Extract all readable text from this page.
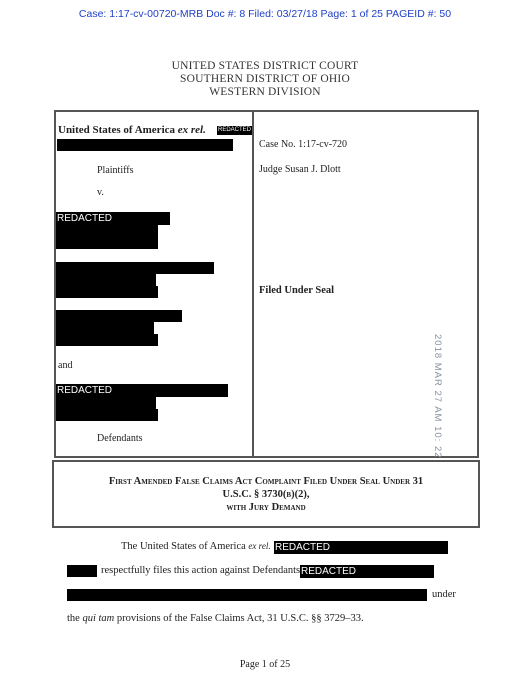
Case: 1:17-cv-00720-MRB Doc #: 8 Filed: 03/27/18 Page: 1 of 25 PAGEID #: 50
UNITED STATES DISTRICT COURT
SOUTHERN DISTRICT OF OHIO
WESTERN DIVISION
United States of America ex rel. REDACTED
Plaintiffs
v.
REDACTED
and
REDACTED
Defendants
Case No. 1:17-cv-720
Judge Susan J. Dlott
Filed Under Seal
2018 MAR 27 AM 10: 22
First Amended False Claims Act Complaint Filed Under Seal Under 31
U.S.C. § 3730(b)(2),
with Jury Demand
The United States of America ex rel. REDACTED
respectfully files this action against Defendants REDACTED
under
the qui tam provisions of the False Claims Act, 31 U.S.C. §§ 3729–33.
Page 1 of 25
